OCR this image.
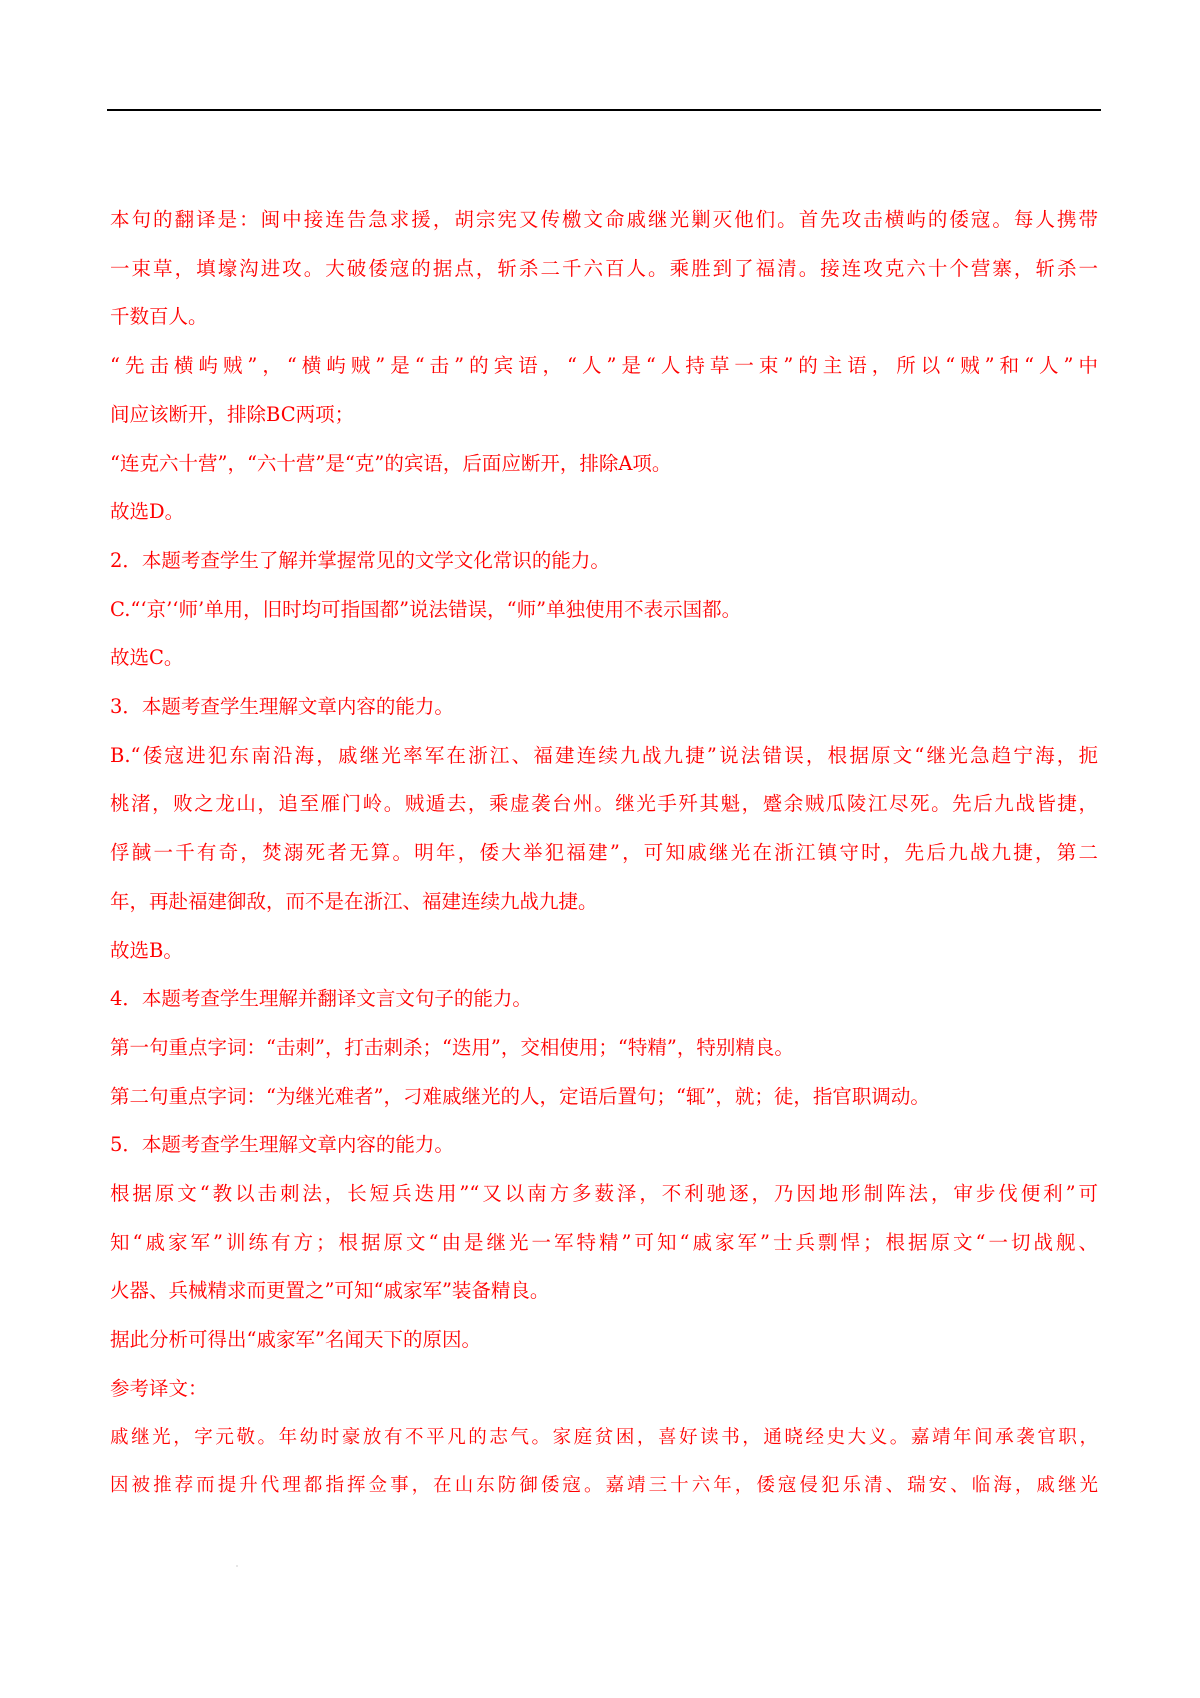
本句的翻译是：闽中接连告急求援，胡宗宪又传檄文命戚继光剿灭他们。首先攻击横屿的倭寇。每人携带
一束草，填壕沟进攻。大破倭寇的据点，斩杀二千六百人。乘胜到了福清。接连攻克六十个营寨，斩杀一
千数百人。
“先击横屿贼”，“横屿贼”是“击”的宾语，“人”是“人持草一束”的主语，所以“贼”和“人”中
间应该断开，排除BC两项；
“连克六十营”，“六十营”是“克”的宾语，后面应断开，排除A项。
故选D。
2．本题考查学生了解并掌握常见的文学文化常识的能力。
C.“‘京’‘师’单用，旧时均可指国都”说法错误，“师”单独使用不表示国都。
故选C。
3．本题考查学生理解文章内容的能力。
B.“倭寇进犯东南沿海，戚继光率军在浙江、福建连续九战九捷”说法错误，根据原文“继光急趋宁海，扼
桃渚，败之龙山，追至雁门岭。贼遁去，乘虚袭台州。继光手歼其魁，蹙余贼瓜陵江尽死。先后九战皆捷，
俘馘一千有奇，焚溺死者无算。明年，倭大举犯福建”，可知戚继光在浙江镇守时，先后九战九捷，第二
年，再赴福建御敌，而不是在浙江、福建连续九战九捷。
故选B。
4．本题考查学生理解并翻译文言文句子的能力。
第一句重点字词：“击刺”，打击刺杀；“迭用”，交相使用；“特精”，特别精良。
第二句重点字词：“为继光难者”，刁难戚继光的人，定语后置句；“辄”，就；徒，指官职调动。
5．本题考查学生理解文章内容的能力。
根据原文“教以击刺法，长短兵迭用”“又以南方多薮泽，不利驰逐，乃因地形制阵法，审步伐便利”可
知“戚家军”训练有方；根据原文“由是继光一军特精”可知“戚家军”士兵剽悍；根据原文“一切战舰、
火器、兵械精求而更置之”可知“戚家军”装备精良。
据此分析可得出“戚家军”名闻天下的原因。
参考译文：
戚继光，字元敬。年幼时豪放有不平凡的志气。家庭贫困，喜好读书，通晓经史大义。嘉靖年间承袭官职，
因被推荐而提升代理都指挥佥事，在山东防御倭寇。嘉靖三十六年，倭寇侵犯乐清、瑞安、临海，戚继光
